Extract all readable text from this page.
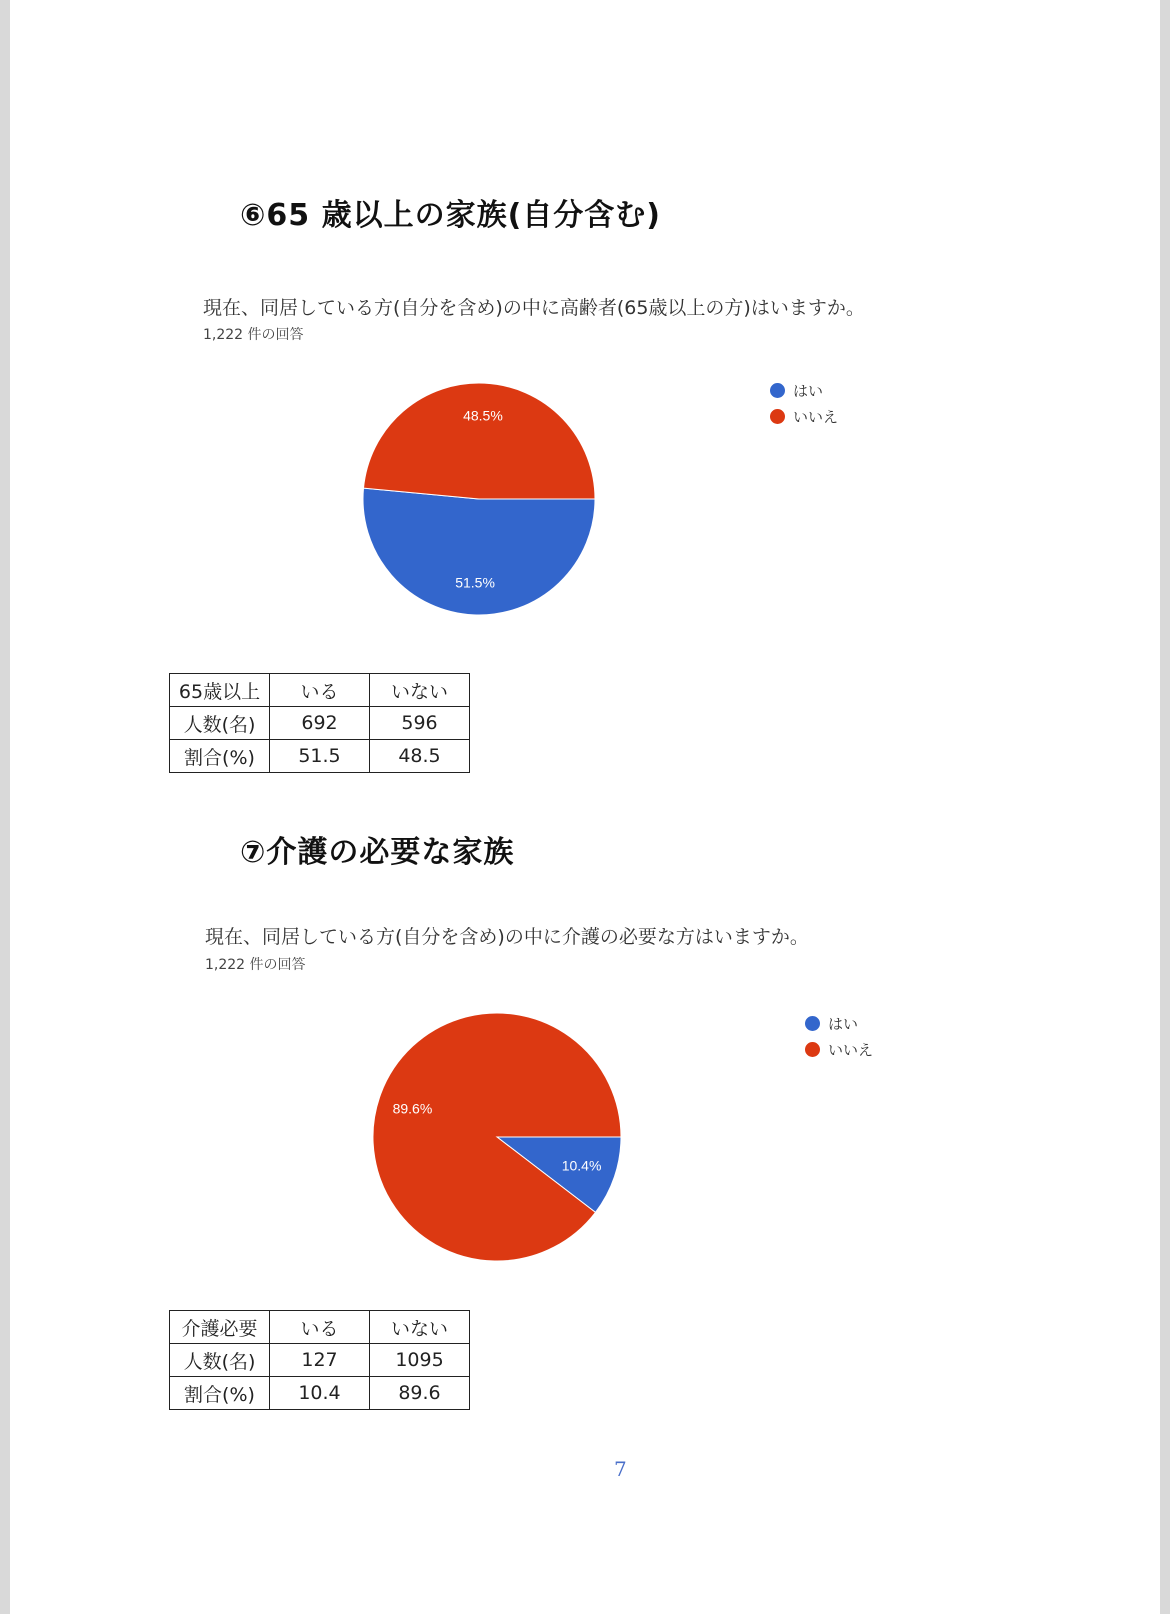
⑥65 歳以上の家族(自分含む)
現在、同居している方(自分を含め)の中に高齢者(65歳以上の方)はいますか。
1,222 件の回答
51.5%
48.5%
はい
いいえ
65歳以上	いる	いない
人数(名)	692	596
割合(%)	51.5	48.5
⑦介護の必要な家族
現在、同居している方(自分を含め)の中に介護の必要な方はいますか。
1,222 件の回答
10.4%
89.6%
はい
いいえ
介護必要	いる	いない
人数(名)	127	1095
割合(%)	10.4	89.6
7
